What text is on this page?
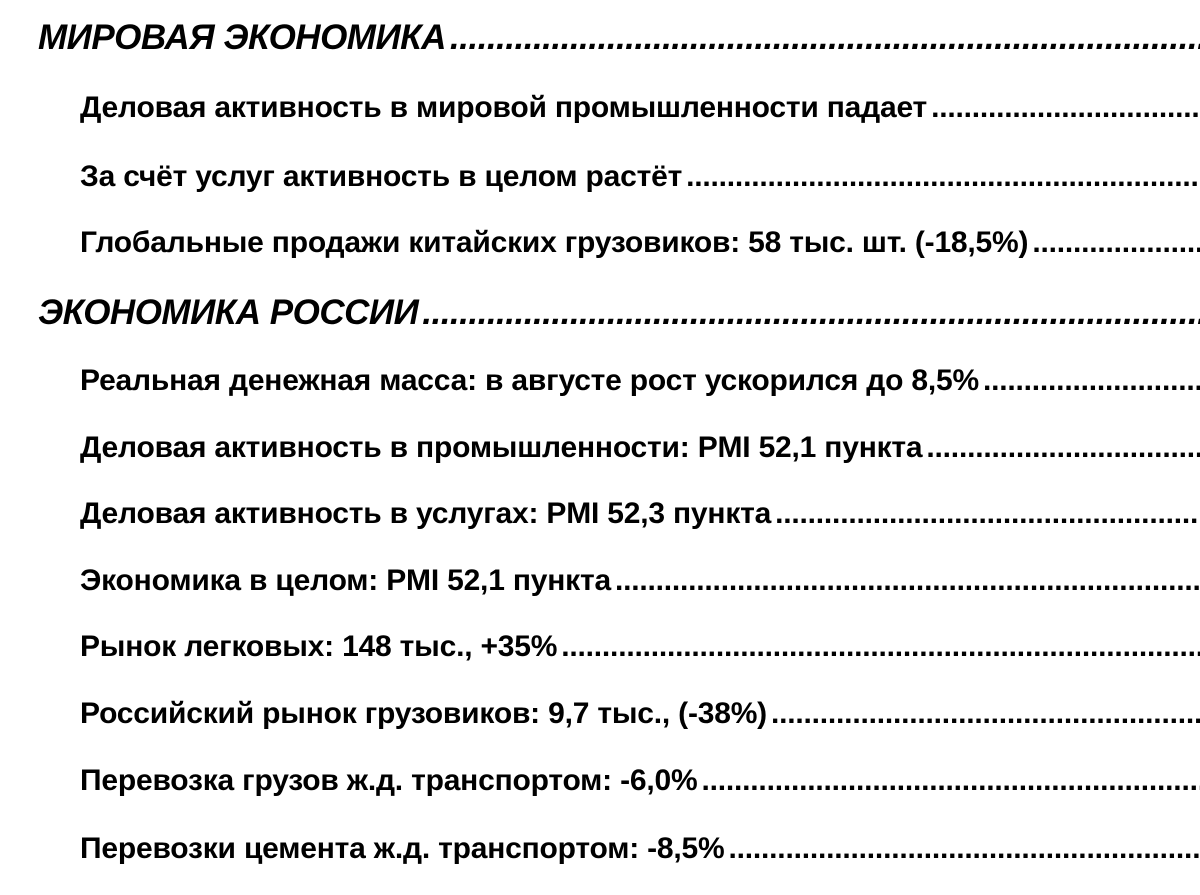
МИРОВАЯ ЭКОНОМИКА
.....
Деловая активность в мировой промышленности падает
.....
За счёт услуг активность в целом растёт
.....
Глобальные продажи китайских грузовиков: 58 тыс. шт. (-18,5%)
.....
ЭКОНОМИКА РОССИИ
.....
Реальная денежная масса: в августе рост ускорился до 8,5%
.....
Деловая активность в промышленности: PMI 52,1 пункта
.....
Деловая активность в услугах: PMI 52,3 пункта
.....
Экономика в целом: PMI 52,1 пункта
.....
Рынок легковых: 148 тыс., +35%
.....
Российский рынок грузовиков: 9,7 тыс., (-38%)
.....
Перевозка грузов ж.д. транспортом: -6,0%
.....
Перевозки цемента ж.д. транспортом: -8,5%
.....
